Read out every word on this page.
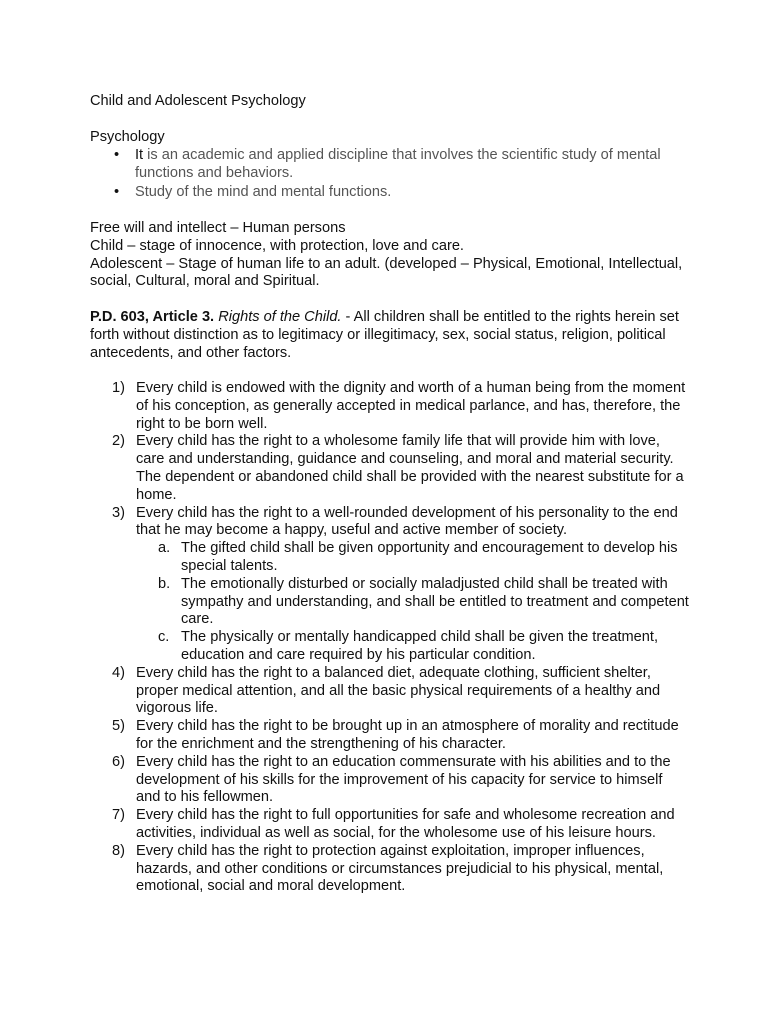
Child and Adolescent Psychology
Psychology
• It is an academic and applied discipline that involves the scientific study of mental functions and behaviors.
• Study of the mind and mental functions.
Free will and intellect – Human persons
Child – stage of innocence, with protection, love and care.
Adolescent – Stage of human life to an adult. (developed – Physical, Emotional, Intellectual, social, Cultural, moral and Spiritual.

P.D. 603, Article 3. Rights of the Child. - All children shall be entitled to the rights herein set forth without distinction as to legitimacy or illegitimacy, sex, social status, religion, political antecedents, and other factors.

1) Every child is endowed with the dignity and worth of a human being from the moment of his conception, as generally accepted in medical parlance, and has, therefore, the right to be born well.
2) Every child has the right to a wholesome family life that will provide him with love, care and understanding, guidance and counseling, and moral and material security. The dependent or abandoned child shall be provided with the nearest substitute for a home.
3) Every child has the right to a well-rounded development of his personality to the end that he may become a happy, useful and active member of society.
a. The gifted child shall be given opportunity and encouragement to develop his special talents.
b. The emotionally disturbed or socially maladjusted child shall be treated with sympathy and understanding, and shall be entitled to treatment and competent care.
c. The physically or mentally handicapped child shall be given the treatment, education and care required by his particular condition.
4) Every child has the right to a balanced diet, adequate clothing, sufficient shelter, proper medical attention, and all the basic physical requirements of a healthy and vigorous life.
5) Every child has the right to be brought up in an atmosphere of morality and rectitude for the enrichment and the strengthening of his character.
6) Every child has the right to an education commensurate with his abilities and to the development of his skills for the improvement of his capacity for service to himself and to his fellowmen.
7) Every child has the right to full opportunities for safe and wholesome recreation and activities, individual as well as social, for the wholesome use of his leisure hours.
8) Every child has the right to protection against exploitation, improper influences, hazards, and other conditions or circumstances prejudicial to his physical, mental, emotional, social and moral development.
